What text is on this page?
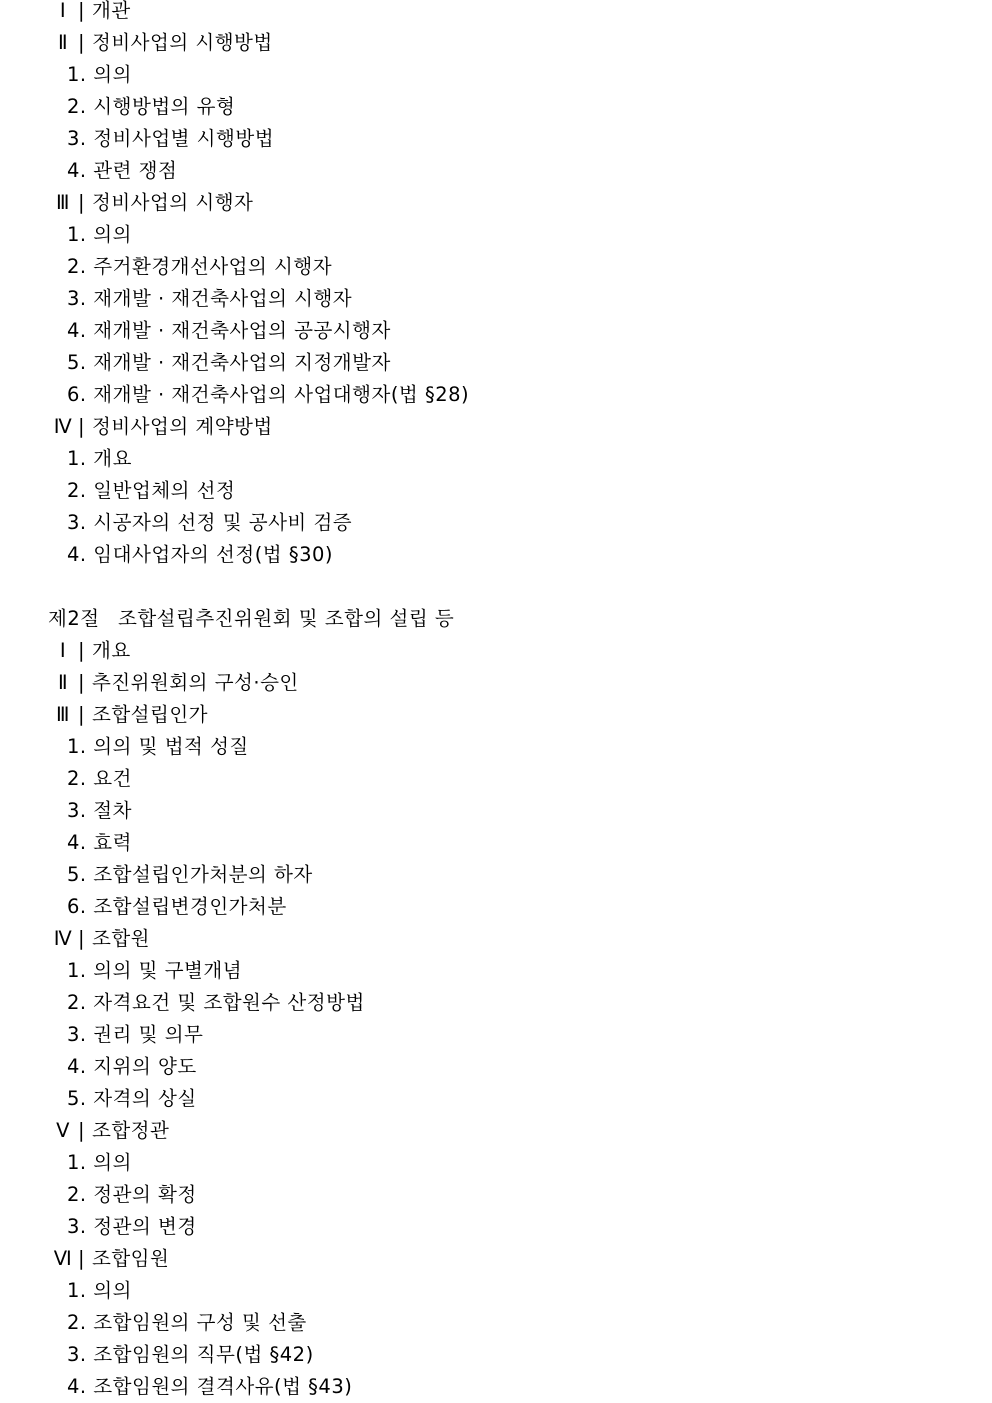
Ⅰ | 개관
Ⅱ | 정비사업의 시행방법
1. 의의
2. 시행방법의 유형
3. 정비사업별 시행방법
4. 관련 쟁점
Ⅲ | 정비사업의 시행자
1. 의의
2. 주거환경개선사업의 시행자
3. 재개발 · 재건축사업의 시행자
4. 재개발 · 재건축사업의 공공시행자
5. 재개발 · 재건축사업의 지정개발자
6. 재개발 · 재건축사업의 사업대행자(법 §28)
Ⅳ | 정비사업의 계약방법
1. 개요
2. 일반업체의 선정
3. 시공자의 선정 및 공사비 검증
4. 임대사업자의 선정(법 §30)
제2절 조합설립추진위원회 및 조합의 설립 등
Ⅰ | 개요
Ⅱ | 추진위원회의 구성·승인
Ⅲ | 조합설립인가
1. 의의 및 법적 성질
2. 요건
3. 절차
4. 효력
5. 조합설립인가처분의 하자
6. 조합설립변경인가처분
Ⅳ | 조합원
1. 의의 및 구별개념
2. 자격요건 및 조합원수 산정방법
3. 권리 및 의무
4. 지위의 양도
5. 자격의 상실
Ⅴ | 조합정관
1. 의의
2. 정관의 확정
3. 정관의 변경
Ⅵ | 조합임원
1. 의의
2. 조합임원의 구성 및 선출
3. 조합임원의 직무(법 §42)
4. 조합임원의 결격사유(법 §43)
